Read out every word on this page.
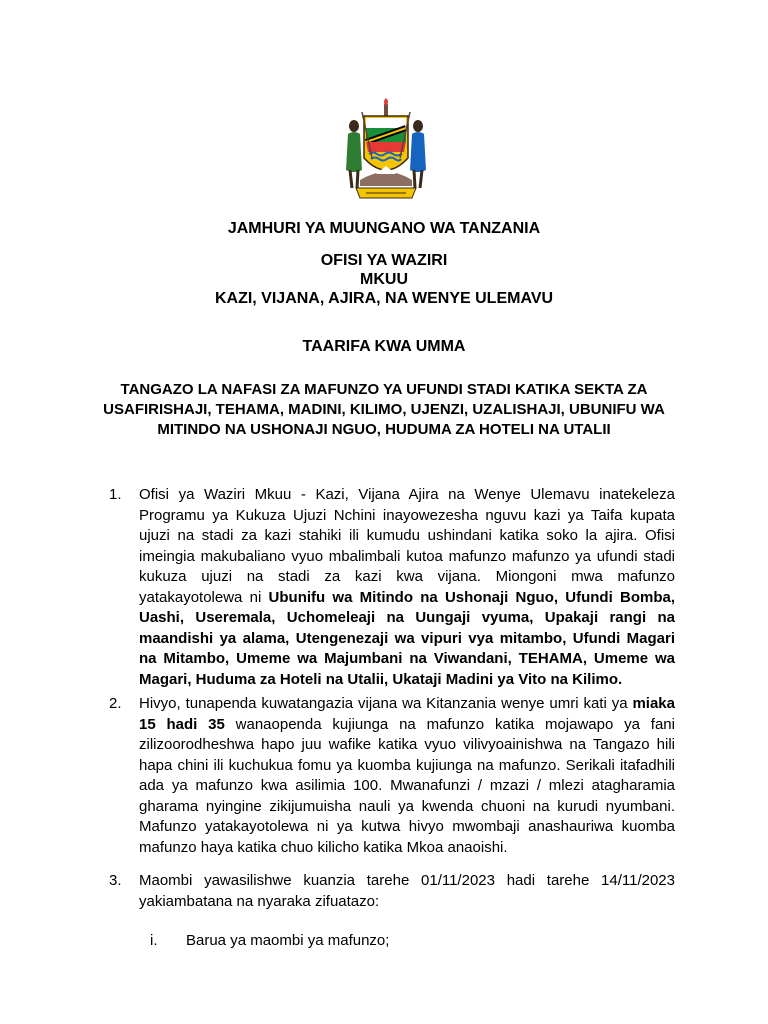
JAMHURI YA MUUNGANO WA TANZANIA
OFISI YA WAZIRI
MKUU
KAZI, VIJANA, AJIRA, NA WENYE ULEMAVU
TAARIFA KWA UMMA
TANGAZO LA NAFASI ZA MAFUNZO YA UFUNDI STADI KATIKA SEKTA ZA USAFIRISHAJI, TEHAMA, MADINI, KILIMO, UJENZI, UZALISHAJI, UBUNIFU WA MITINDO NA USHONAJI NGUO, HUDUMA ZA HOTELI NA UTALII
1. Ofisi ya Waziri Mkuu - Kazi, Vijana Ajira na Wenye Ulemavu inatekeleza Programu ya Kukuza Ujuzi Nchini inayowezesha nguvu kazi ya Taifa kupata ujuzi na stadi za kazi stahiki ili kumudu ushindani katika soko la ajira. Ofisi imeingia makubaliano vyuo mbalimbali kutoa mafunzo mafunzo ya ufundi stadi kukuza ujuzi na stadi za kazi kwa vijana. Miongoni mwa mafunzo yatakayotolewa ni Ubunifu wa Mitindo na Ushonaji Nguo, Ufundi Bomba, Uashi, Useremala, Uchomeleaji na Uungaji vyuma, Upakaji rangi na maandishi ya alama, Utengenezaji wa vipuri vya mitambo, Ufundi Magari na Mitambo, Umeme wa Majumbani na Viwandani, TEHAMA, Umeme wa Magari, Huduma za Hoteli na Utalii, Ukataji Madini ya Vito na Kilimo.
2. Hivyo, tunapenda kuwatangazia vijana wa Kitanzania wenye umri kati ya miaka 15 hadi 35 wanaopenda kujiunga na mafunzo katika mojawapo ya fani zilizoorodheshwa hapo juu wafike katika vyuo vilivyoainishwa na Tangazo hili hapa chini ili kuchukua fomu ya kuomba kujiunga na mafunzo. Serikali itafadhili ada ya mafunzo kwa asilimia 100. Mwanafunzi / mzazi / mlezi atagharamia gharama nyingine zikijumuisha nauli ya kwenda chuoni na kurudi nyumbani. Mafunzo yatakayotolewa ni ya kutwa hivyo mwombaji anashauriwa kuomba mafunzo haya katika chuo kilicho katika Mkoa anaoishi.
3. Maombi yawasilishwe kuanzia tarehe 01/11/2023 hadi tarehe 14/11/2023 yakiambatana na nyaraka zifuatazo:
i. Barua ya maombi ya mafunzo;
